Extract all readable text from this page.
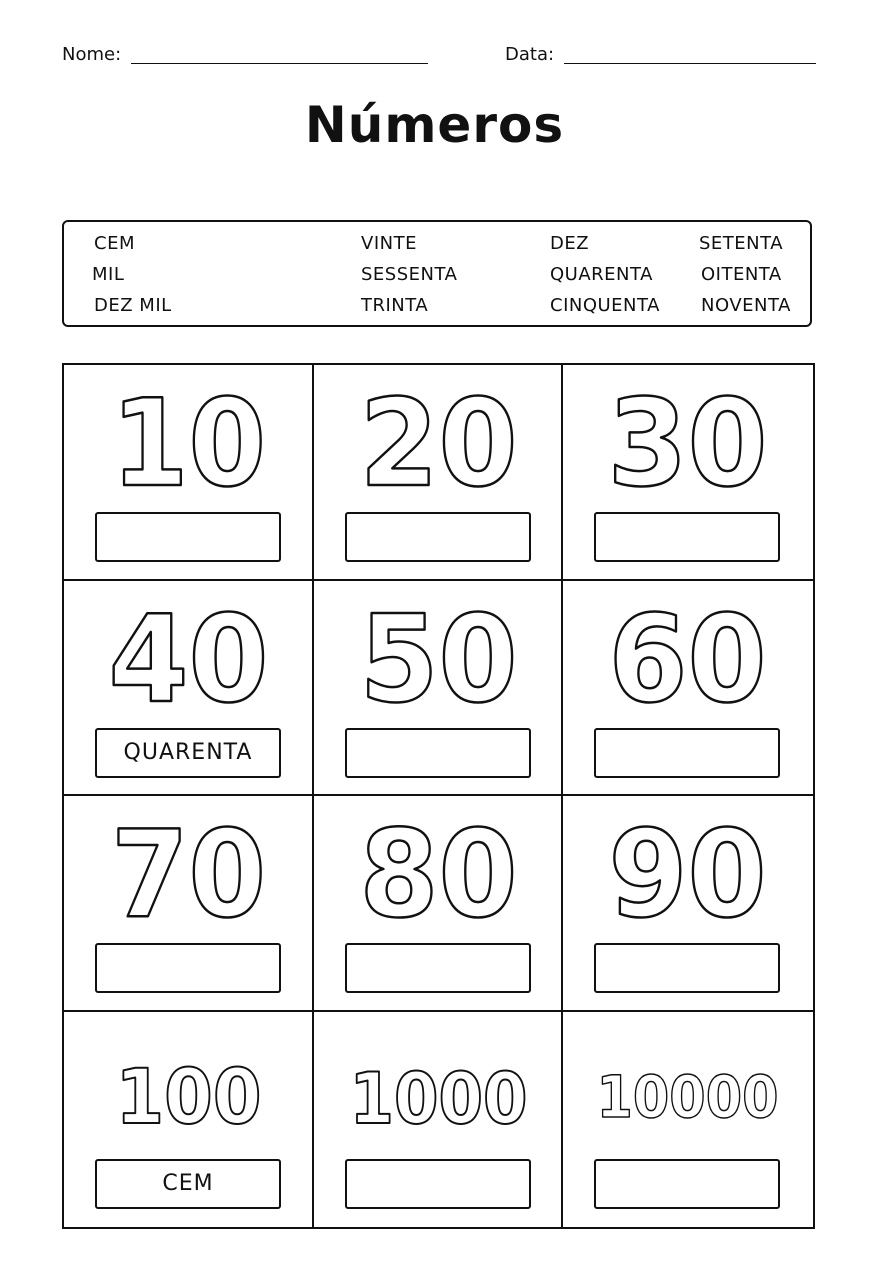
Nome:	Data:
Números
CEM
MIL
DEZ MIL
VINTE
SESSENTA
TRINTA
DEZ
QUARENTA
CINQUENTA
SETENTA
OITENTA
NOVENTA
10 20 30
40
QUARENTA
50 60
70 80 90
100
CEM
1000 10000
